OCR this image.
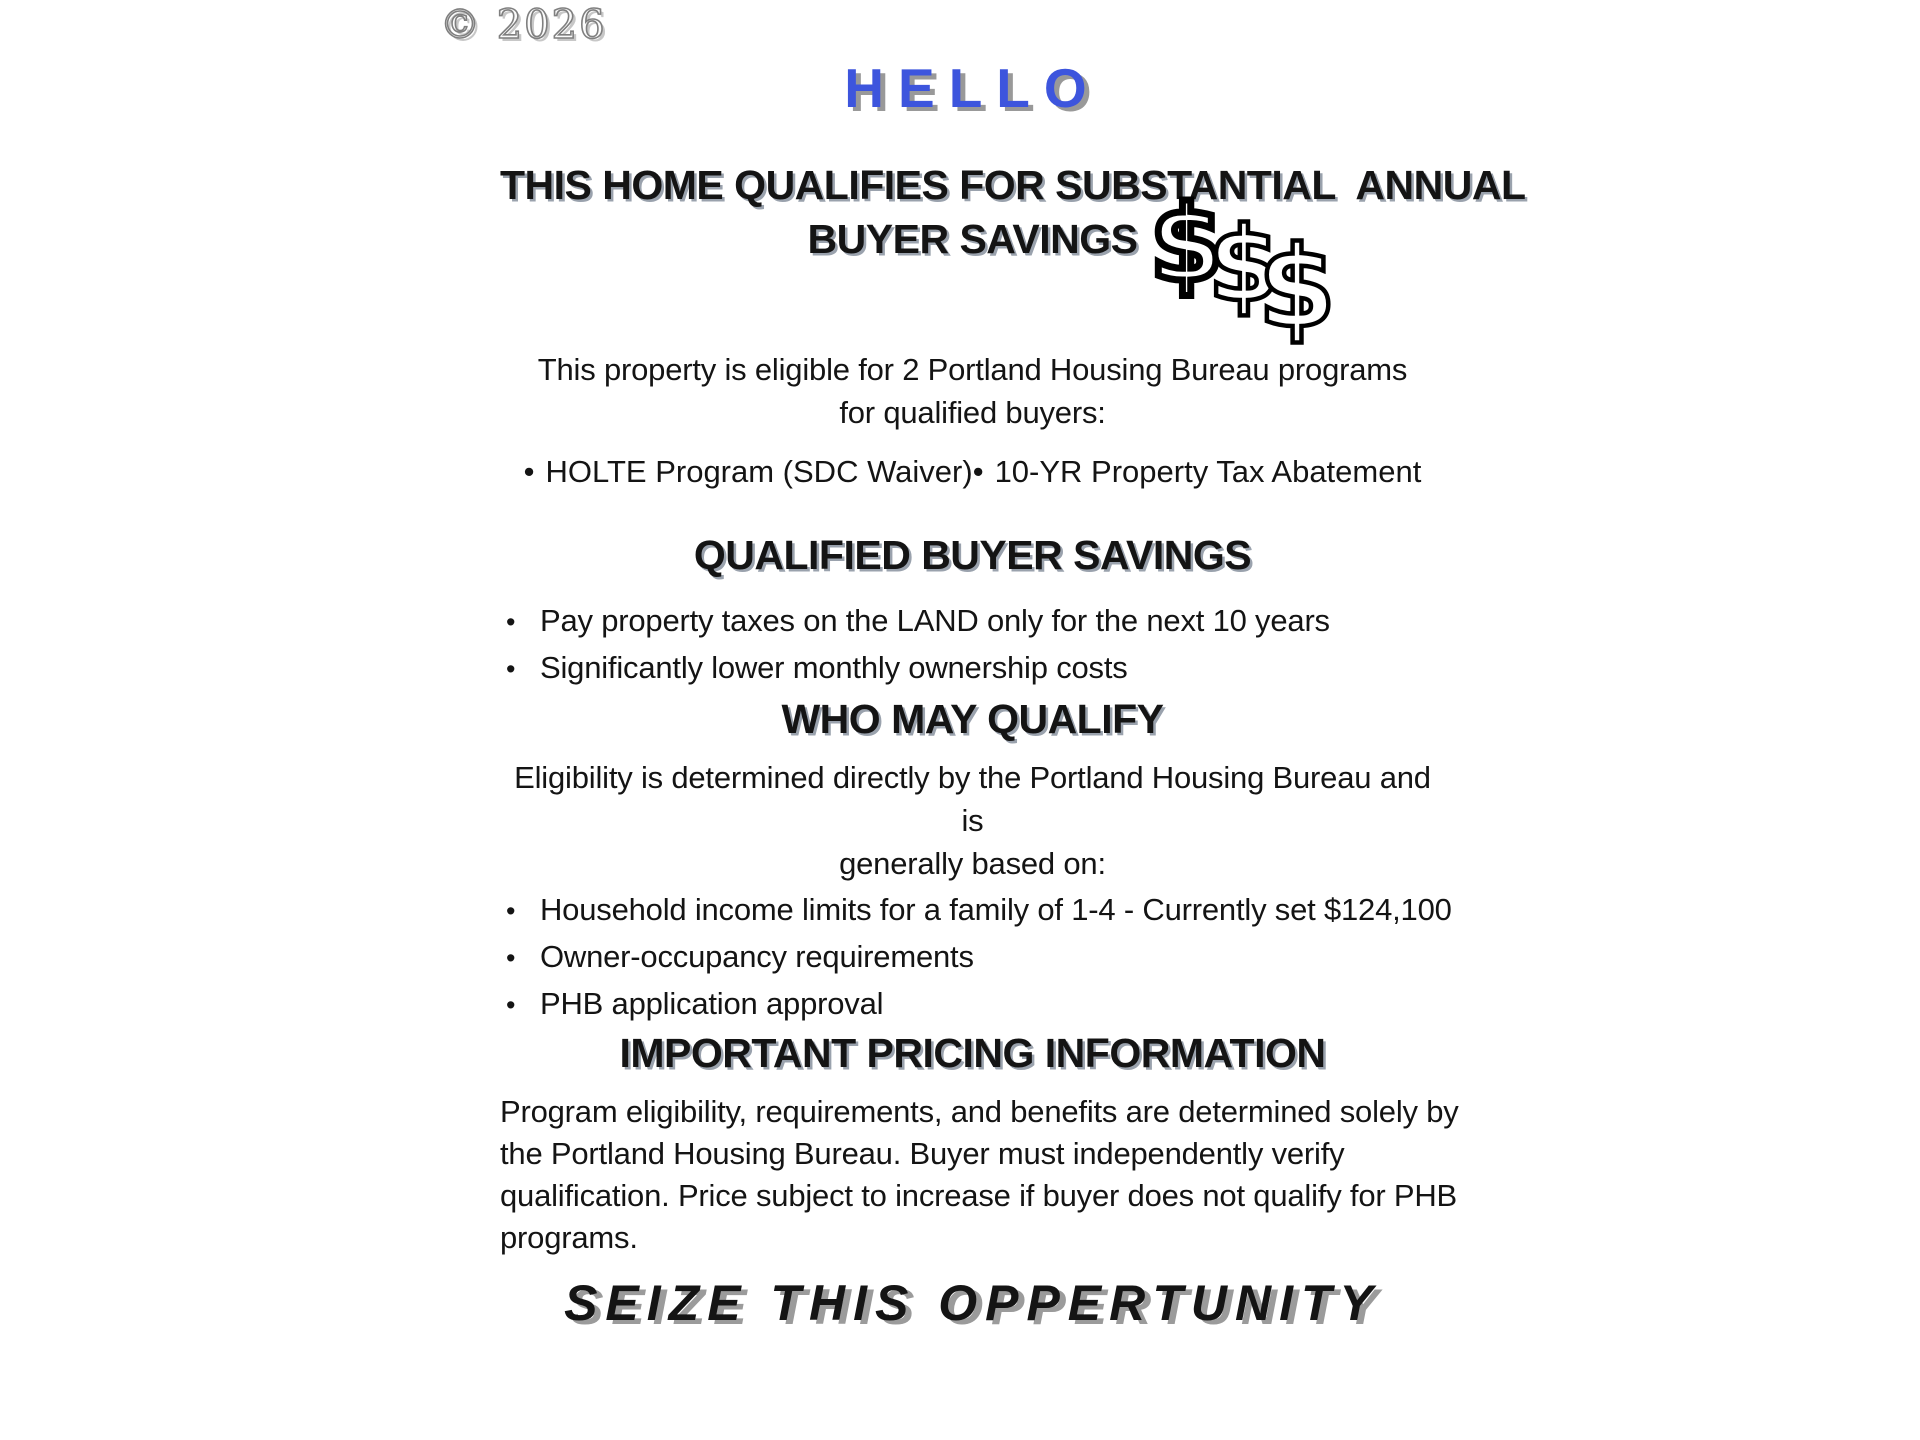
© 2026
$
$
$
HELLO
THIS HOME QUALIFIES FOR SUBSTANTIAL  ANNUAL
BUYER SAVINGS
This property is eligible for 2 Portland Housing Bureau programs
for qualified buyers:
• HOLTE Program (SDC Waiver)• 10-YR Property Tax Abatement
QUALIFIED BUYER SAVINGS
• Pay property taxes on the LAND only for the next 10 years
• Significantly lower monthly ownership costs
WHO MAY QUALIFY
Eligibility is determined directly by the Portland Housing Bureau and is
generally based on:
• Household income limits for a family of 1-4 - Currently set $124,100
• Owner-occupancy requirements
• PHB application approval
IMPORTANT PRICING INFORMATION
Program eligibility, requirements, and benefits are determined solely by
the Portland Housing Bureau. Buyer must independently verify
qualification. Price subject to increase if buyer does not qualify for PHB
programs.
SEIZE THIS OPPERTUNITY
